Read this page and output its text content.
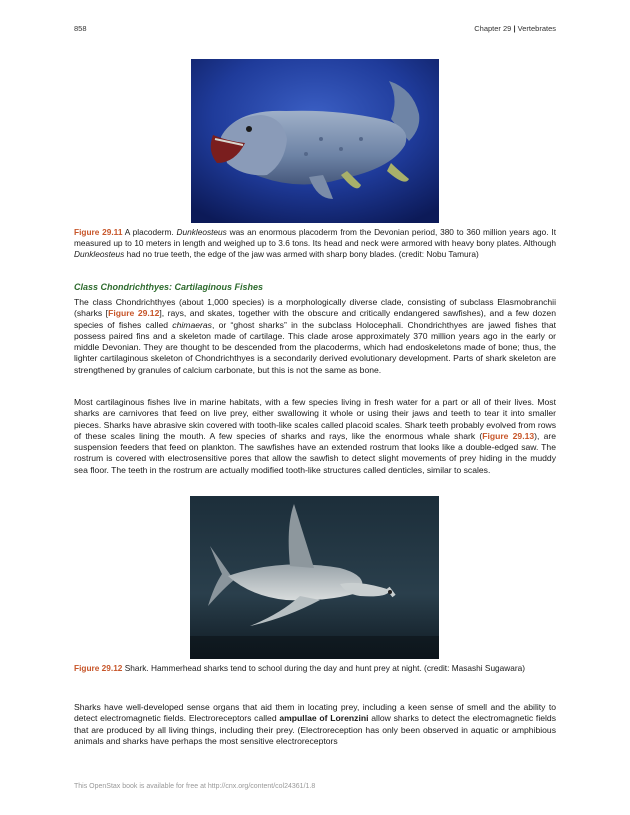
858	Chapter 29 | Vertebrates
Figure 29.11 A placoderm. Dunkleosteus was an enormous placoderm from the Devonian period, 380 to 360 million years ago. It measured up to 10 meters in length and weighed up to 3.6 tons. Its head and neck were armored with heavy bony plates. Although Dunkleosteus had no true teeth, the edge of the jaw was armed with sharp bony blades. (credit: Nobu Tamura)
Class Chondrichthyes: Cartilaginous Fishes

The class Chondrichthyes (about 1,000 species) is a morphologically diverse clade, consisting of subclass Elasmobranchii (sharks [Figure 29.12], rays, and skates, together with the obscure and critically endangered sawfishes), and a few dozen species of fishes called chimaeras, or “ghost sharks” in the subclass Holocephali. Chondrichthyes are jawed fishes that possess paired fins and a skeleton made of cartilage. This clade arose approximately 370 million years ago in the early or middle Devonian. They are thought to be descended from the placoderms, which had endoskeletons made of bone; thus, the lighter cartilaginous skeleton of Chondrichthyes is a secondarily derived evolutionary development. Parts of shark skeleton are strengthened by granules of calcium carbonate, but this is not the same as bone.

Most cartilaginous fishes live in marine habitats, with a few species living in fresh water for a part or all of their lives. Most sharks are carnivores that feed on live prey, either swallowing it whole or using their jaws and teeth to tear it into smaller pieces. Sharks have abrasive skin covered with tooth-like scales called placoid scales. Shark teeth probably evolved from rows of these scales lining the mouth. A few species of sharks and rays, like the enormous whale shark (Figure 29.13), are suspension feeders that feed on plankton. The sawfishes have an extended rostrum that looks like a double-edged saw. The rostrum is covered with electrosensitive pores that allow the sawfish to detect slight movements of prey hiding in the muddy sea floor. The teeth in the rostrum are actually modified tooth-like structures called denticles, similar to scales.

Figure 29.12 Shark. Hammerhead sharks tend to school during the day and hunt prey at night. (credit: Masashi Sugawara)

Sharks have well-developed sense organs that aid them in locating prey, including a keen sense of smell and the ability to detect electromagnetic fields. Electroreceptors called ampullae of Lorenzini allow sharks to detect the electromagnetic fields that are produced by all living things, including their prey. (Electroreception has only been observed in aquatic or amphibious animals and sharks have perhaps the most sensitive electroreceptors

This OpenStax book is available for free at http://cnx.org/content/col24361/1.8
